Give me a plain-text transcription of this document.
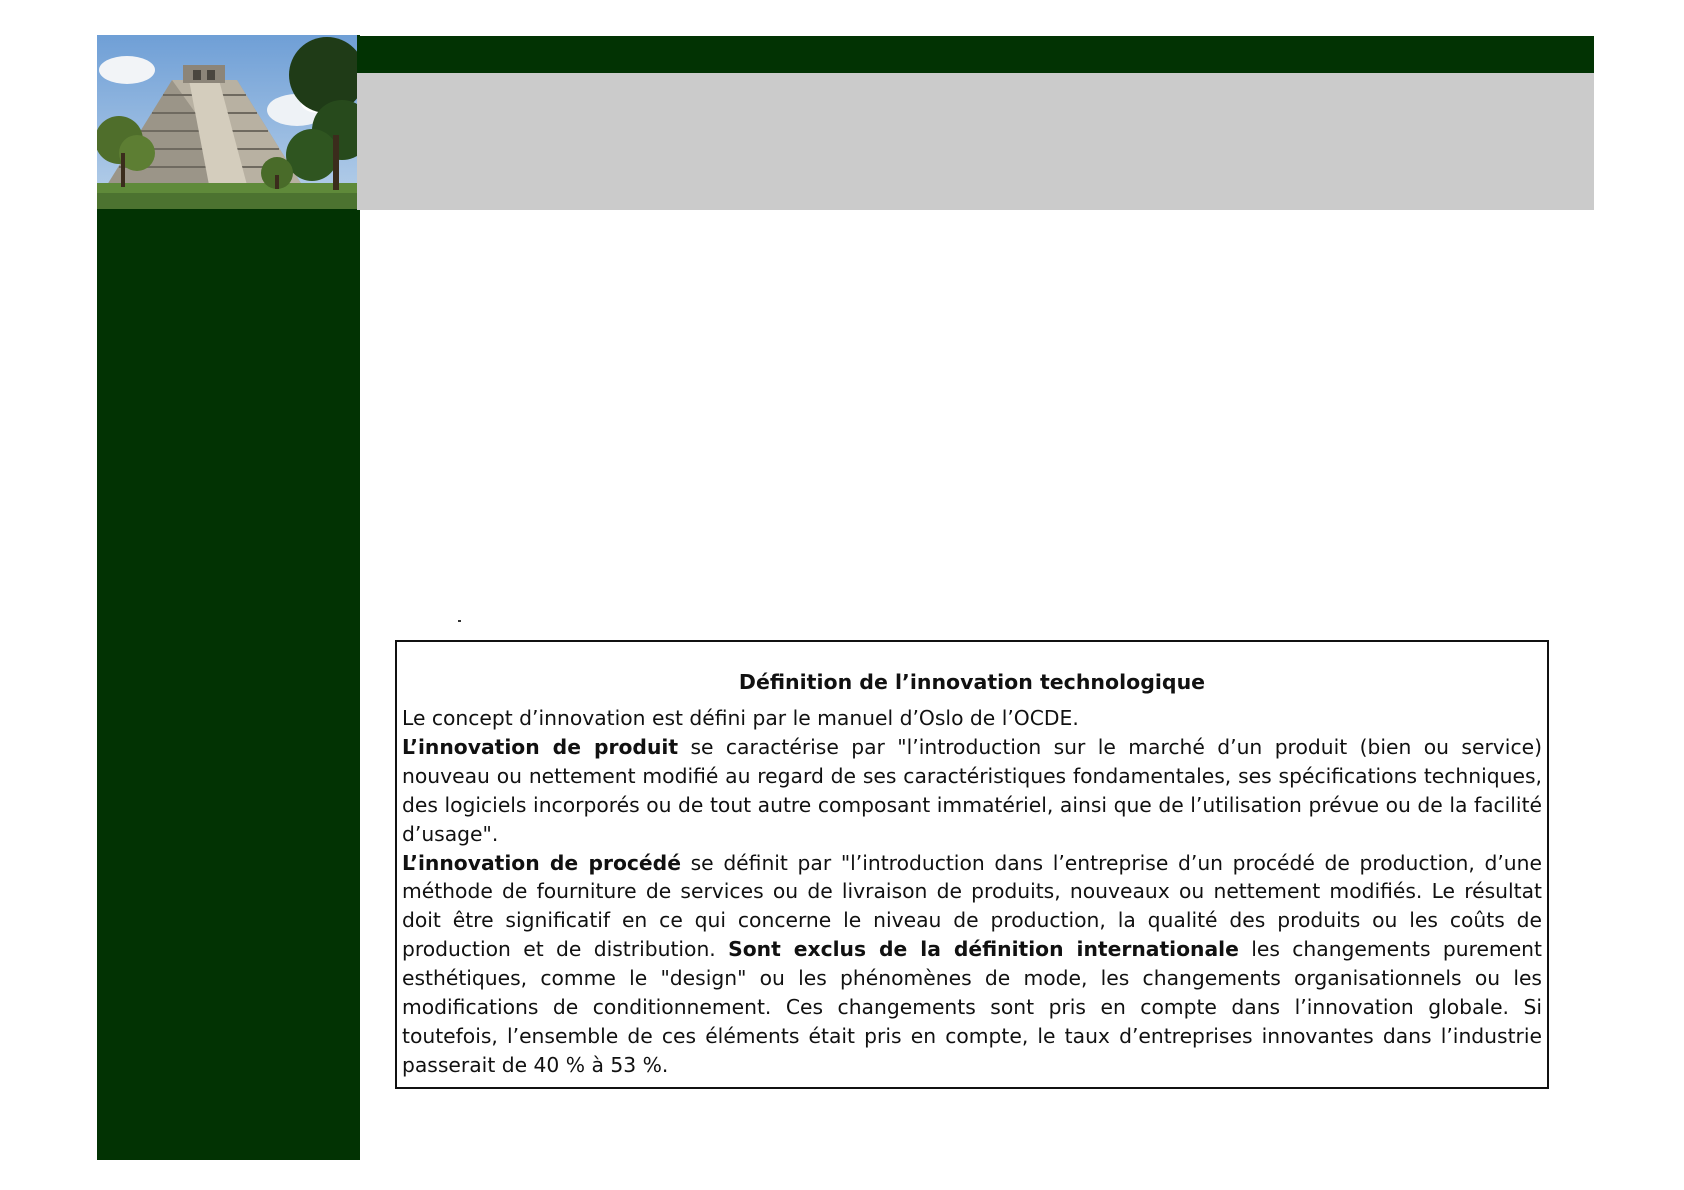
Définition de l’innovation technologique

Le concept d’innovation est défini par le manuel d’Oslo de l’OCDE.
L’innovation de produit se caractérise par "l’introduction sur le marché d’un produit (bien ou service) nouveau ou nettement modifié au regard de ses caractéristiques fondamentales, ses spécifications techniques, des logiciels incorporés ou de tout autre composant immatériel, ainsi que de l’utilisation prévue ou de la facilité d’usage".
L’innovation de procédé se définit par "l’introduction dans l’entreprise d’un procédé de production, d’une méthode de fourniture de services ou de livraison de produits, nouveaux ou nettement modifiés. Le résultat doit être significatif en ce qui concerne le niveau de production, la qualité des produits ou les coûts de production et de distribution. Sont exclus de la définition internationale les changements purement esthétiques, comme le "design" ou les phénomènes de mode, les changements organisationnels ou les modifications de conditionnement. Ces changements sont pris en compte dans l’innovation globale. Si toutefois, l’ensemble de ces éléments était pris en compte, le taux d’entreprises innovantes dans l’industrie passerait de 40 % à 53 %.
